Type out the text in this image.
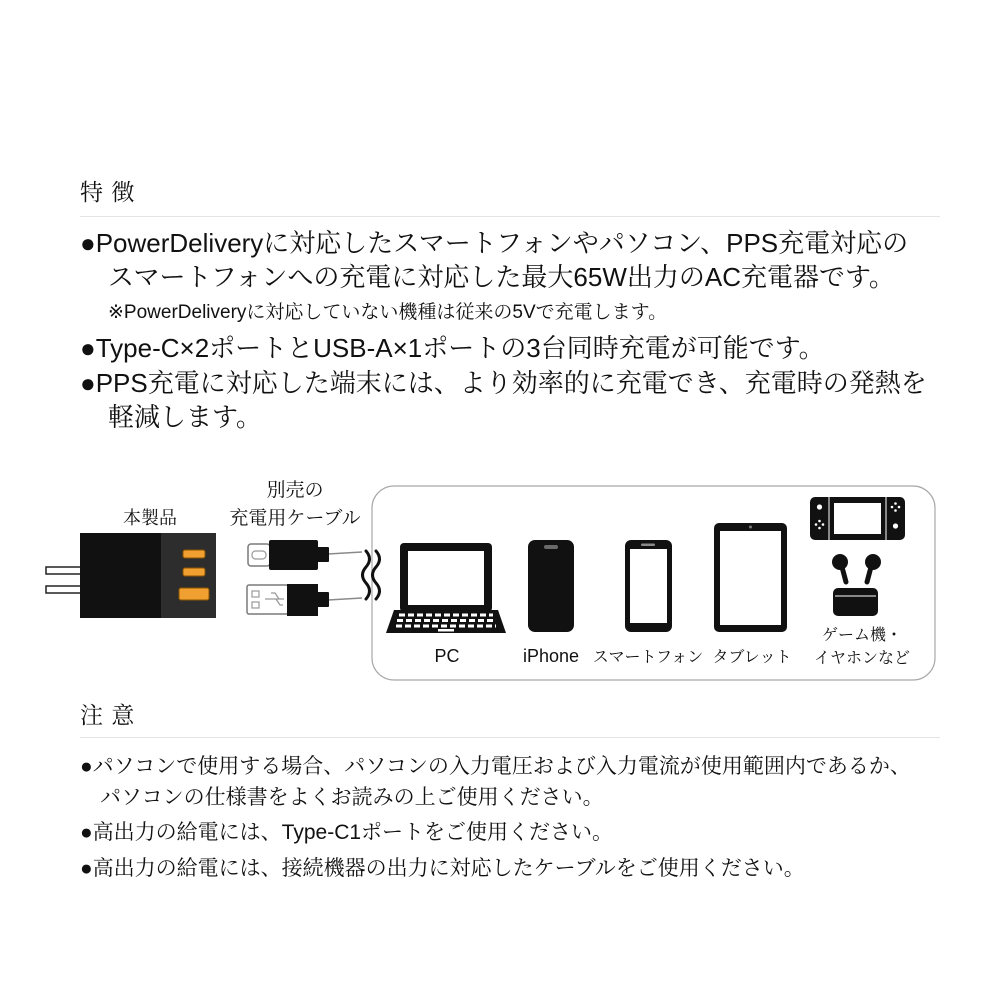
特 徴
●PowerDeliveryに対応したスマートフォンやパソコン、PPS充電対応の
スマートフォンへの充電に対応した最大65W出力のAC充電器です。
※PowerDeliveryに対応していない機種は従来の5Vで充電します。
●Type-C×2ポートとUSB-A×1ポートの3台同時充電が可能です。
●PPS充電に対応した端末には、より効率的に充電でき、充電時の発熱を
軽減します。
本製品
別売の
充電用ケーブル
PC	iPhone スマートフォン タブレット
ゲーム機・
イヤホンなど
注 意
●パソコンで使用する場合、パソコンの入力電圧および入力電流が使用範囲内であるか、
パソコンの仕様書をよくお読みの上ご使用ください。
●高出力の給電には、Type-C1ポートをご使用ください。
●高出力の給電には、接続機器の出力に対応したケーブルをご使用ください。
